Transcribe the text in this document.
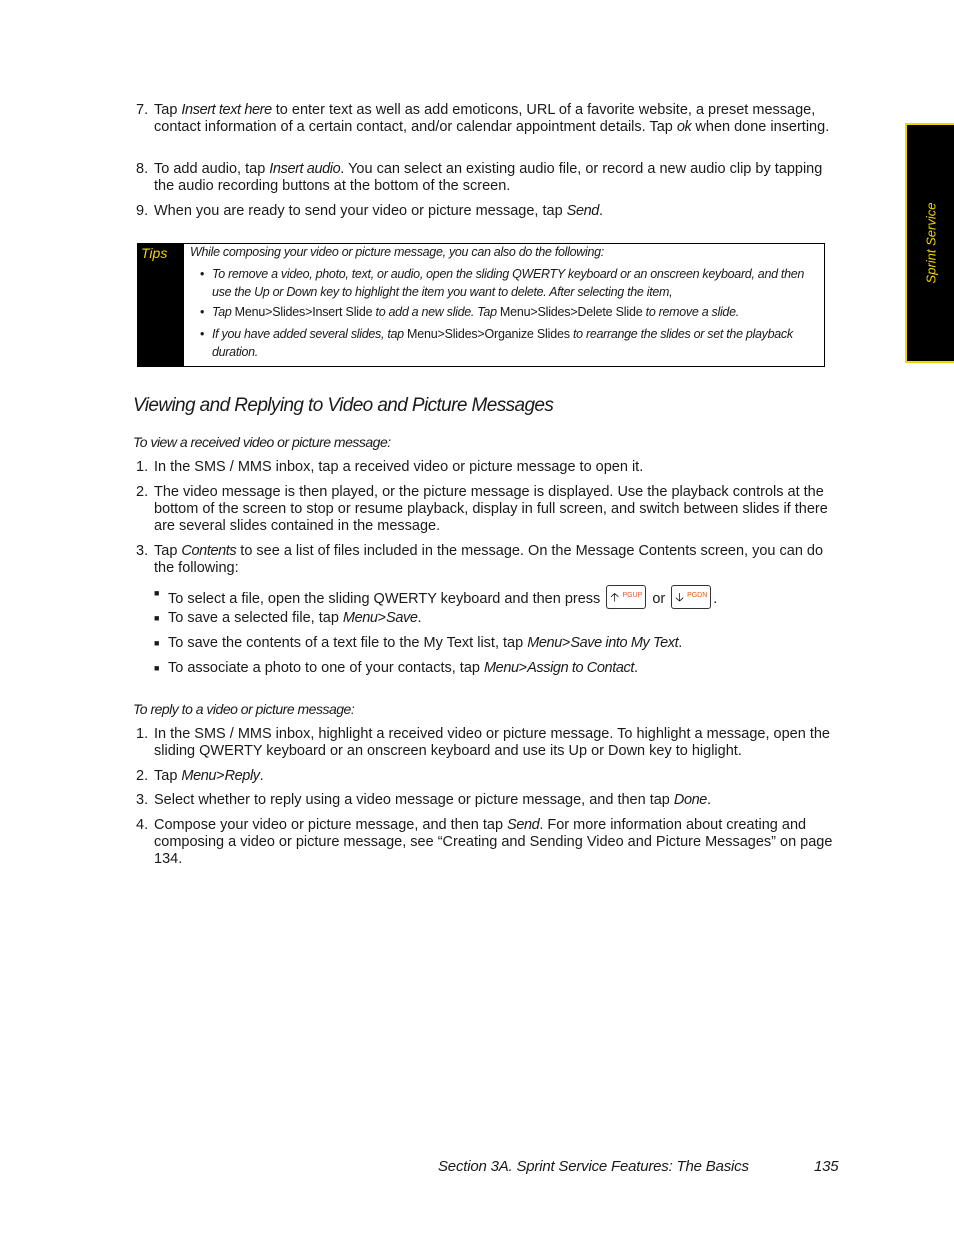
Sprint Service
7. Tap Insert text here to enter text as well as add emoticons, URL of a favorite website, a preset message, contact information of a certain contact, and/or calendar appointment details. Tap ok when done inserting.
8. To add audio, tap Insert audio. You can select an existing audio file, or record a new audio clip by tapping the audio recording buttons at the bottom of the screen.
9. When you are ready to send your video or picture message, tap Send.
Tips While composing your video or picture message, you can also do the following:
• To remove a video, photo, text, or audio, open the sliding QWERTY keyboard or an onscreen keyboard, and then use the Up or Down key to highlight the item you want to delete. After selecting the item,
• Tap Menu>Slides>Insert Slide to add a new slide. Tap Menu>Slides>Delete Slide to remove a slide.
• If you have added several slides, tap Menu>Slides>Organize Slides to rearrange the slides or set the playback duration.
Viewing and Replying to Video and Picture Messages
To view a received video or picture message:
1. In the SMS / MMS inbox, tap a received video or picture message to open it.
2. The video message is then played, or the picture message is displayed. Use the playback controls at the bottom of the screen to stop or resume playback, display in full screen, and switch between slides if there are several slides contained in the message.
3. Tap Contents to see a list of files included in the message. On the Message Contents screen, you can do the following:
■ To select a file, open the sliding QWERTY keyboard and then press 🡡 PGUP or 🡣 PGDN .
■ To save a selected file, tap Menu>Save.
■ To save the contents of a text file to the My Text list, tap Menu>Save into My Text.
■ To associate a photo to one of your contacts, tap Menu>Assign to Contact.
To reply to a video or picture message:
1. In the SMS / MMS inbox, highlight a received video or picture message. To highlight a message, open the sliding QWERTY keyboard or an onscreen keyboard and use its Up or Down key to higlight.
2. Tap Menu>Reply.
3. Select whether to reply using a video message or picture message, and then tap Done.
4. Compose your video or picture message, and then tap Send. For more information about creating and composing a video or picture message, see “Creating and Sending Video and Picture Messages” on page 134.
Section 3A. Sprint Service Features: The Basics	135
